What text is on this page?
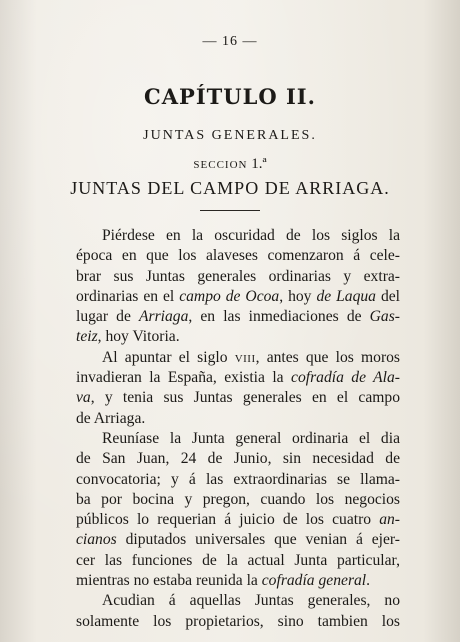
— 16 —
CAPÍTULO II.
JUNTAS GENERALES.
SECCION 1.ª
JUNTAS DEL CAMPO DE ARRIAGA.
Piérdese en la oscuridad de los siglos la
época en que los alaveses comenzaron á cele-
brar sus Juntas generales ordinarias y extra-
ordinarias en el campo de Ocoa, hoy de Laqua del
lugar de Arriaga, en las inmediaciones de Gas-
teiz, hoy Vitoria.
Al apuntar el siglo VIII, antes que los moros
invadieran la España, existia la cofradía de Ala-
va, y tenia sus Juntas generales en el campo
de Arriaga.
Reuníase la Junta general ordinaria el dia
de San Juan, 24 de Junio, sin necesidad de
convocatoria; y á las extraordinarias se llama-
ba por bocina y pregon, cuando los negocios
públicos lo requerian á juicio de los cuatro an-
cianos diputados universales que venian á ejer-
cer las funciones de la actual Junta particular,
mientras no estaba reunida la cofradía general.
Acudian á aquellas Juntas generales, no
solamente los propietarios, sino tambien los
